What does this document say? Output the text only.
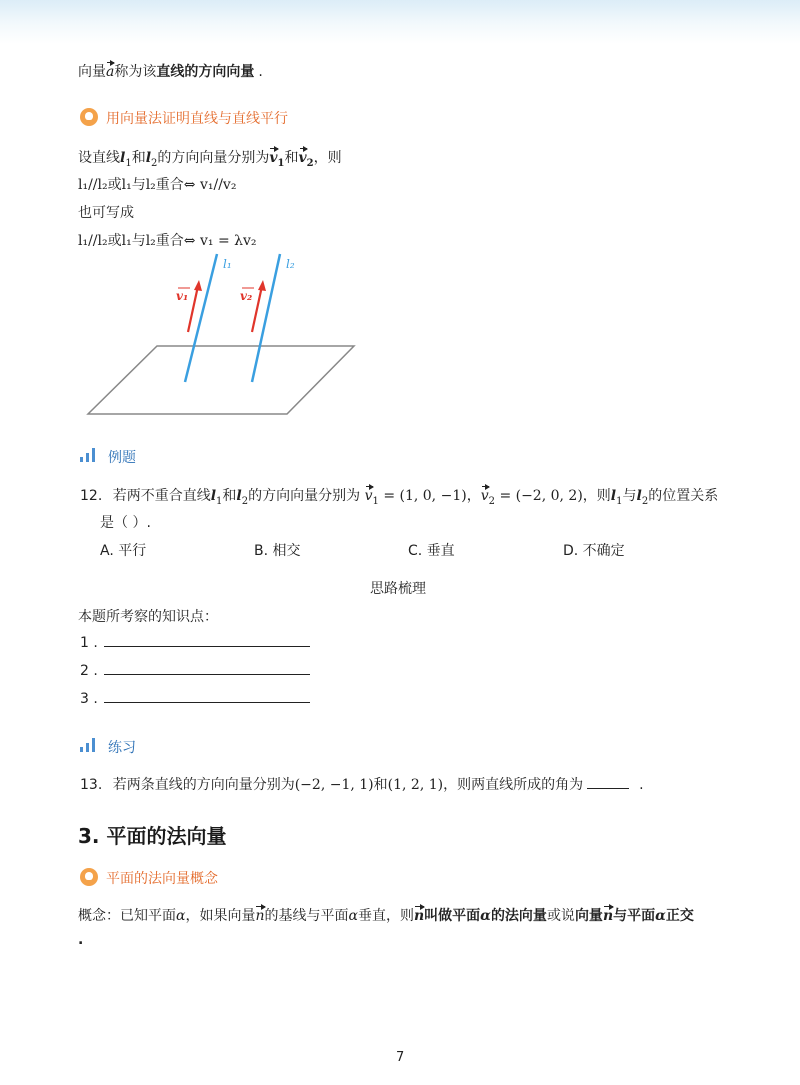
向量a称为该直线的方向向量 .
用向量法证明直线与直线平行
设直线$l_1$和$l_2$的方向向量分别为$v_1$和$v_2$，则
l₁//l₂或l₁与l₂重合⇔ v₁//v₂
也可写成
l₁//l₂或l₁与l₂重合⇔ v₁ = λv₂
l₁	l₂
v₁	v₂
例题
12. 若两不重合直线$l_1$和$l_2$的方向向量分别为 $v_1 = (1$, 0, −1)，$v_2 = (-2$, 0, 2)，则$l_1$与$l_2$的位置关系
是（ ）.
A. 平行	B. 相交	C. 垂直	D. 不确定
思路梳理
本题所考察的知识点：
1 .
2 .
3 .
练习
13. 若两条直线的方向向量分别为(−2, −1, 1)和(1, 2, 1)，则两直线所成的角为	.
3. 平面的法向量
平面的法向量概念
概念：已知平面α，如果向量n的基线与平面α垂直，则n叫做平面α的法向量或说向量n与平面α正交
.
7
